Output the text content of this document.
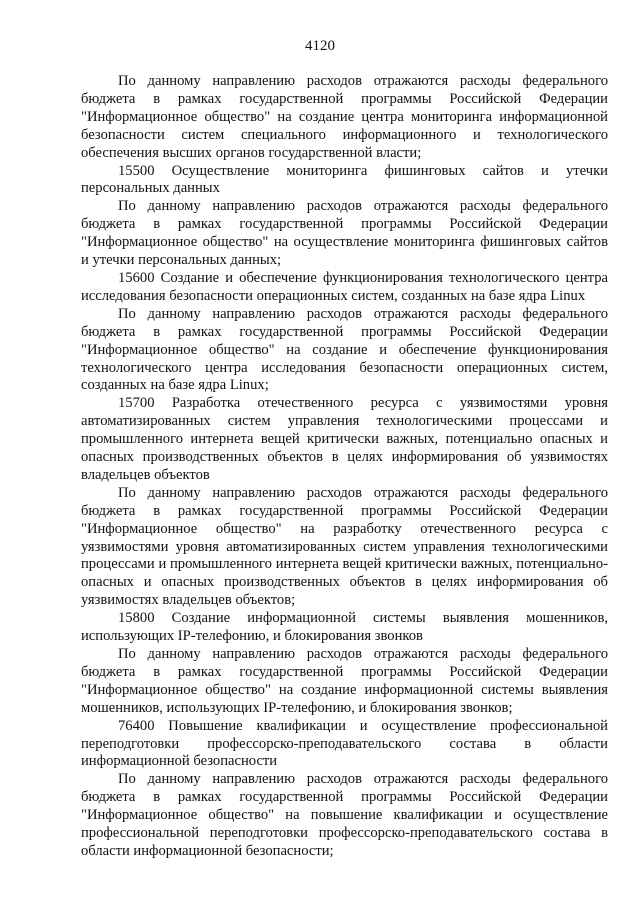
4120

По данному направлению расходов отражаются расходы федерального бюджета в рамках государственной программы Российской Федерации "Информационное общество" на создание центра мониторинга информационной безопасности систем специального информационного и технологического обеспечения высших органов государственной власти;

15500 Осуществление мониторинга фишинговых сайтов и утечки персональных данных

По данному направлению расходов отражаются расходы федерального бюджета в рамках государственной программы Российской Федерации "Информационное общество" на осуществление мониторинга фишинговых сайтов и утечки персональных данных;

15600 Создание и обеспечение функционирования технологического центра исследования безопасности операционных систем, созданных на базе ядра Linux

По данному направлению расходов отражаются расходы федерального бюджета в рамках государственной программы Российской Федерации "Информационное общество" на создание и обеспечение функционирования технологического центра исследования безопасности операционных систем, созданных на базе ядра Linux;

15700 Разработка отечественного ресурса с уязвимостями уровня автоматизированных систем управления технологическими процессами и промышленного интернета вещей критически важных, потенциально опасных и опасных производственных объектов в целях информирования об уязвимостях владельцев объектов

По данному направлению расходов отражаются расходы федерального бюджета в рамках государственной программы Российской Федерации "Информационное общество" на разработку отечественного ресурса с уязвимостями уровня автоматизированных систем управления технологическими процессами и промышленного интернета вещей критически важных, потенциально-опасных и опасных производственных объектов в целях информирования об уязвимостях владельцев объектов;

15800 Создание информационной системы выявления мошенников, использующих IP-телефонию, и блокирования звонков

По данному направлению расходов отражаются расходы федерального бюджета в рамках государственной программы Российской Федерации "Информационное общество" на создание информационной системы выявления мошенников, использующих IP-телефонию, и блокирования звонков;

76400 Повышение квалификации и осуществление профессиональной переподготовки профессорско-преподавательского состава в области информационной безопасности

По данному направлению расходов отражаются расходы федерального бюджета в рамках государственной программы Российской Федерации "Информационное общество" на повышение квалификации и осуществление профессиональной переподготовки профессорско-преподавательского состава в области информационной безопасности;
